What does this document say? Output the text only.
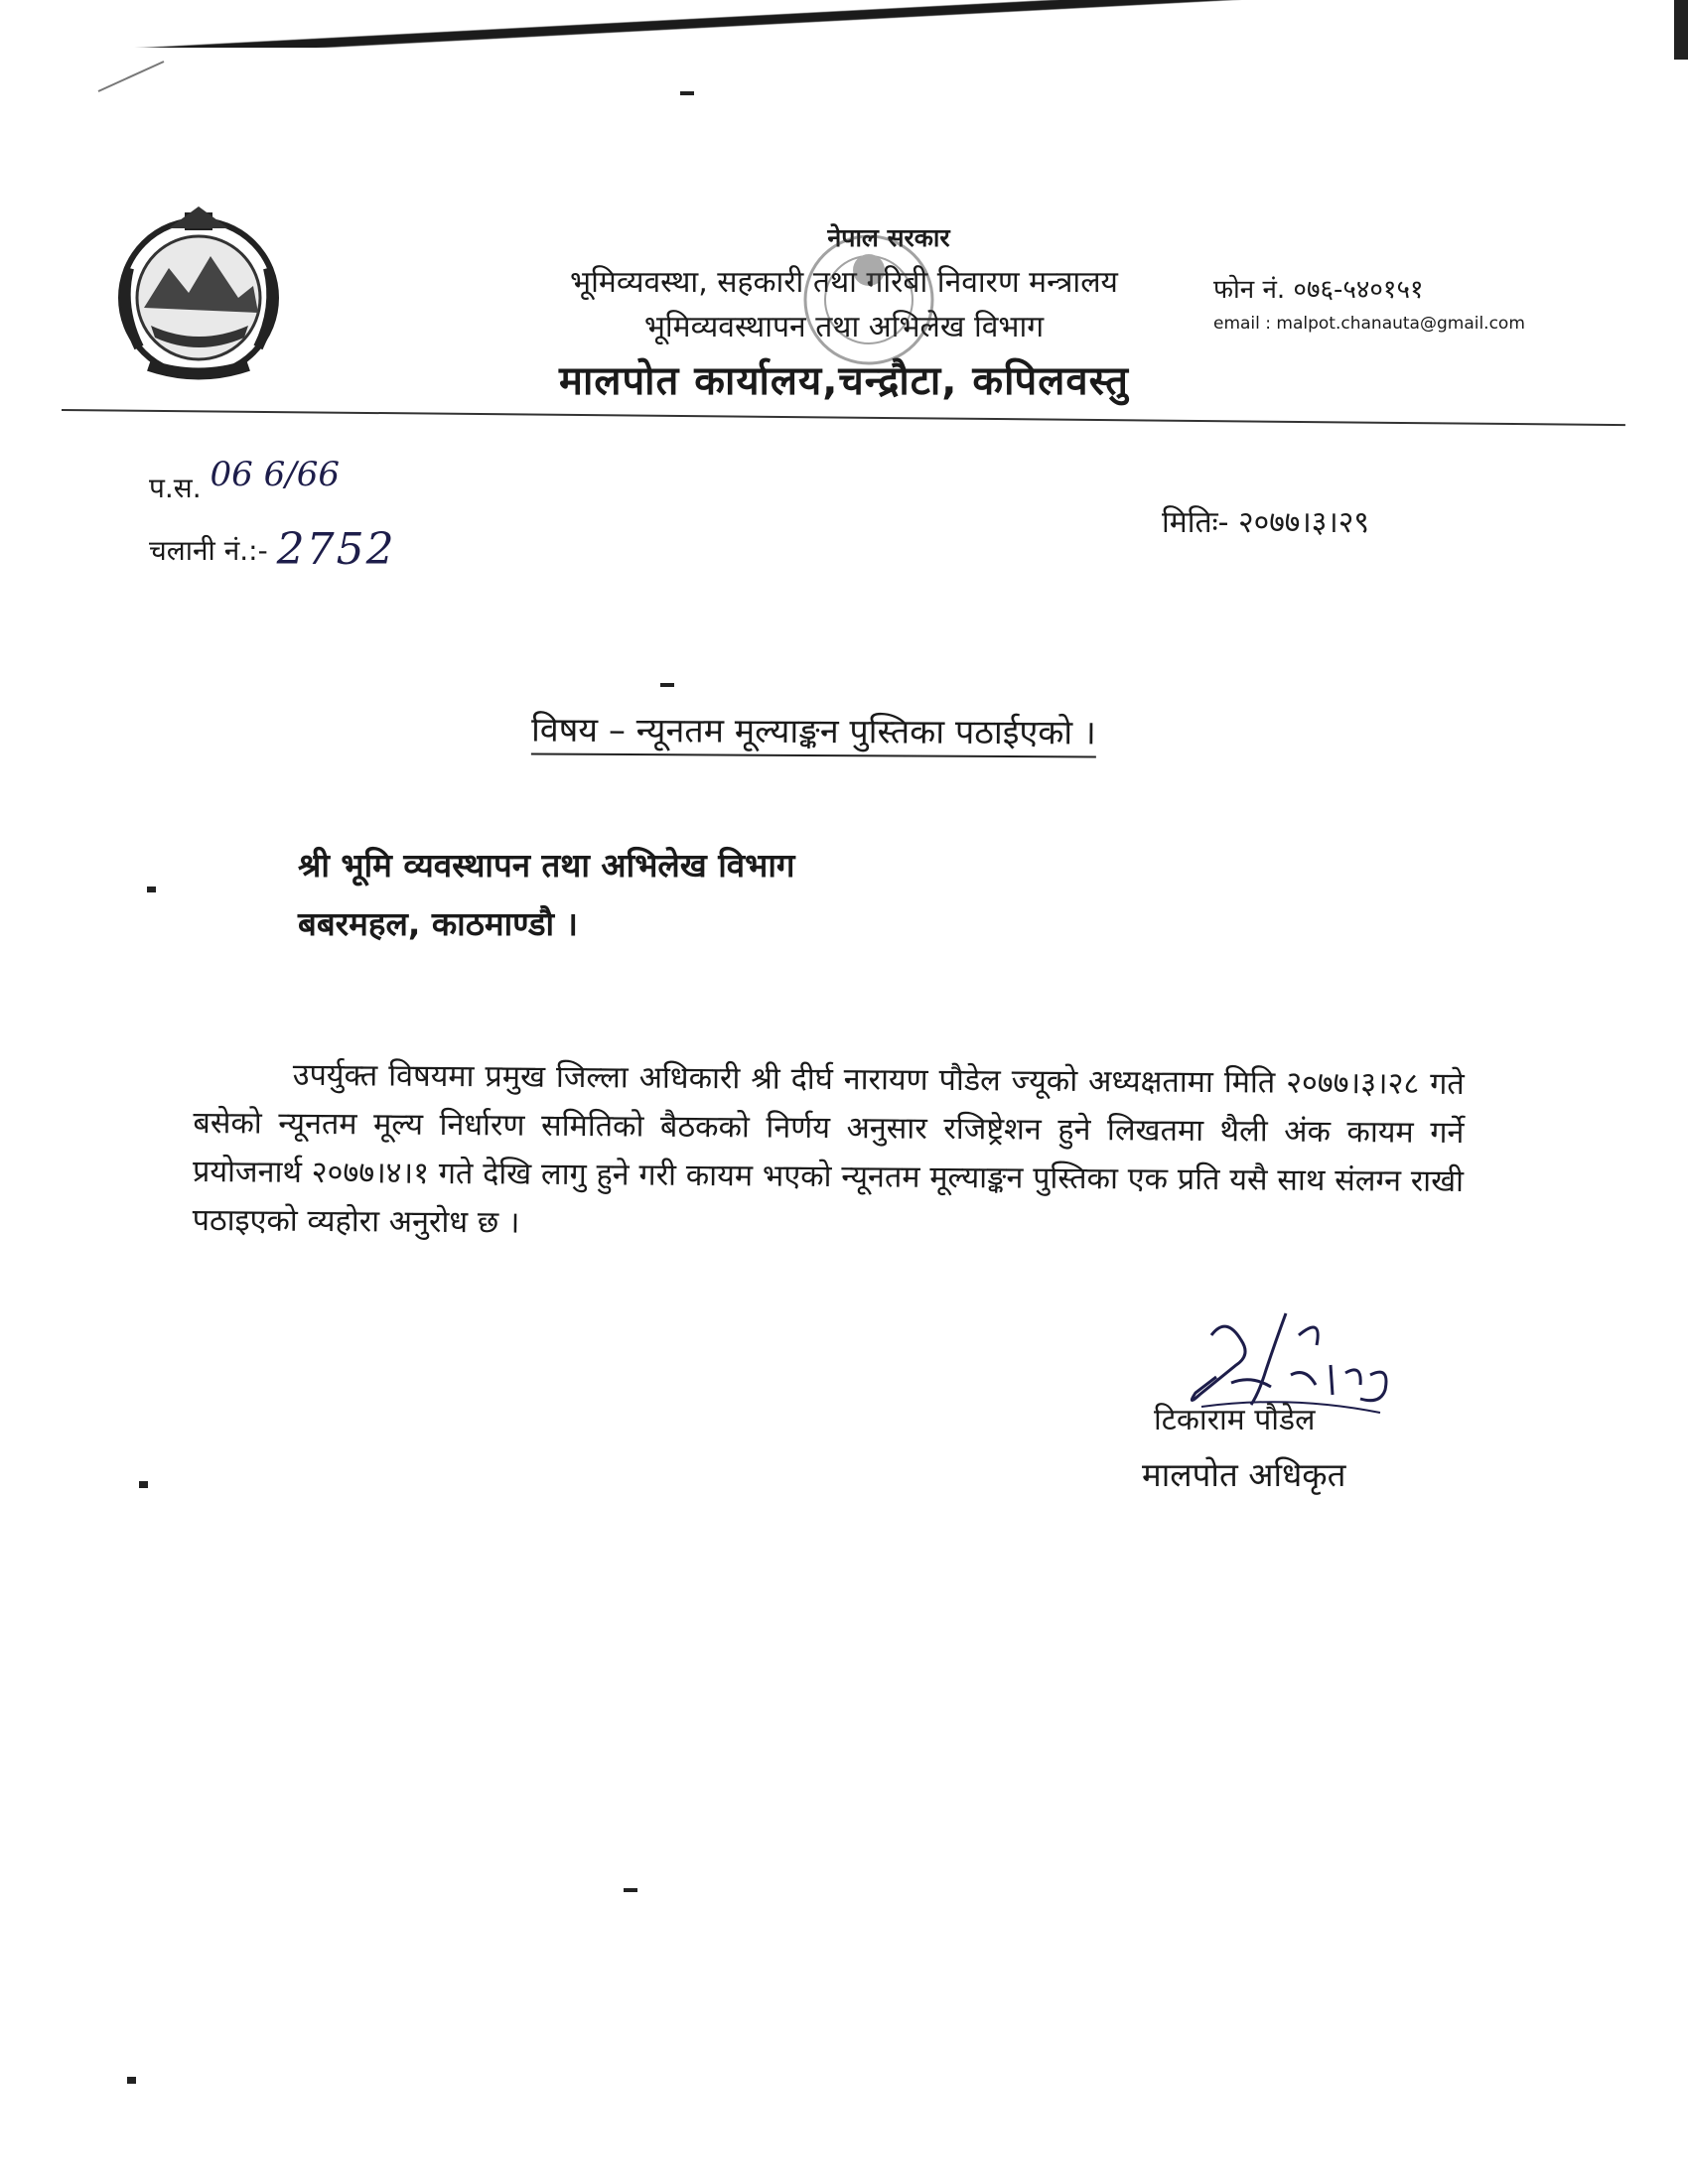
नेपाल सरकार
भूमिव्यवस्था, सहकारी तथा गरिबी निवारण मन्त्रालय
भूमिव्यवस्थापन तथा अभिलेख विभाग
मालपोत कार्यालय,चन्द्रौटा, कपिलवस्तु
फोन नं. ०७६-५४०१५१
email : malpot.chanauta@gmail.com
प.स. 06 6/66
चलानी नं.:- 2752
मितिः- २०७७।३।२९
विषय – न्यूनतम मूल्याङ्कन पुस्तिका पठाईएको ।
श्री भूमि व्यवस्थापन तथा अभिलेख विभाग
बबरमहल, काठमाण्डौ ।
उपर्युक्त विषयमा प्रमुख जिल्ला अधिकारी श्री दीर्घ नारायण पौडेल ज्यूको अध्यक्षतामा मिति २०७७।३।२८ गते बसेको न्यूनतम मूल्य निर्धारण समितिको बैठकको निर्णय अनुसार रजिष्ट्रेशन हुने लिखतमा थैली अंक कायम गर्ने प्रयोजनार्थ २०७७।४।१ गते देखि लागु हुने गरी कायम भएको न्यूनतम मूल्याङ्कन पुस्तिका एक प्रति यसै साथ संलग्न राखी पठाइएको व्यहोरा अनुरोध छ ।
टिकाराम पौडेल
मालपोत अधिकृत
